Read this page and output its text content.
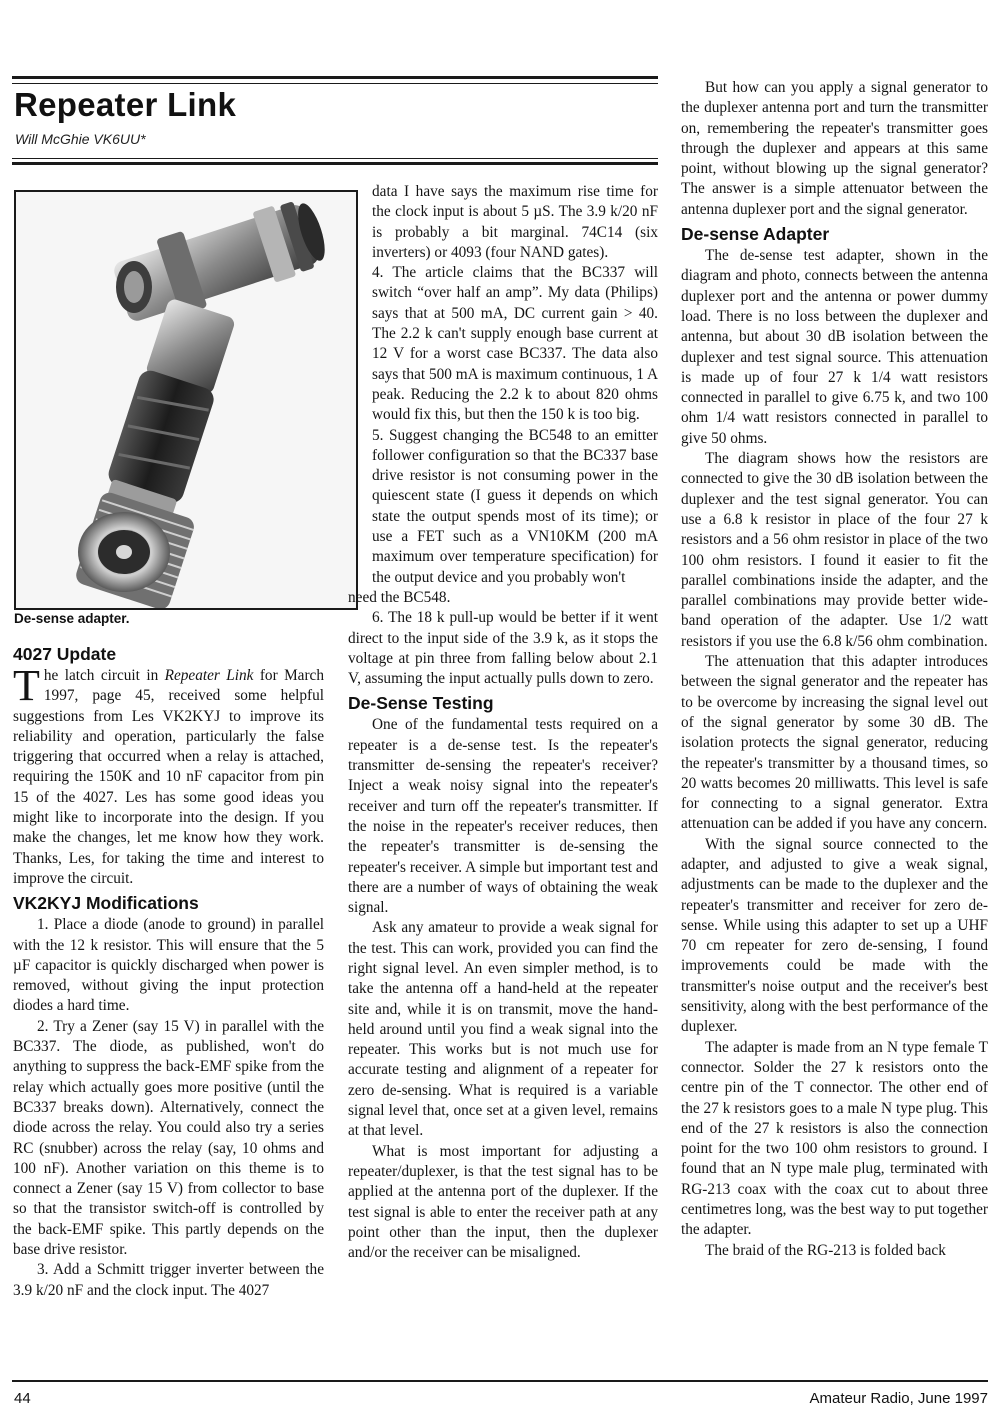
Repeater Link
Will McGhie VK6UU*
De-sense adapter.
4027 Update

The latch circuit in Repeater Link for March 1997, page 45, received some helpful suggestions from Les VK2KYJ to improve its reliability and operation, particularly the false triggering that occurred when a relay is attached, requiring the 150K and 10 nF capacitor from pin 15 of the 4027. Les has some good ideas you might like to incorporate into the design. If you make the changes, let me know how they work. Thanks, Les, for taking the time and interest to improve the circuit.

VK2KYJ Modifications

1. Place a diode (anode to ground) in parallel with the 12 k resistor. This will ensure that the 5 µF capacitor is quickly discharged when power is removed, without giving the input protection diodes a hard time.

2. Try a Zener (say 15 V) in parallel with the BC337. The diode, as published, won't do anything to suppress the back-EMF spike from the relay which actually goes more positive (until the BC337 breaks down). Alternatively, connect the diode across the relay. You could also try a series RC (snubber) across the relay (say, 10 ohms and 100 nF). Another variation on this theme is to connect a Zener (say 15 V) from collector to base so that the transistor switch-off is controlled by the back-EMF spike. This partly depends on the base drive resistor.

3. Add a Schmitt trigger inverter between the 3.9 k/20 nF and the clock input. The 4027

data I have says the maximum rise time for the clock input is about 5 µS. The 3.9 k/20 nF is probably a bit marginal. 74C14 (six inverters) or 4093 (four NAND gates).

4. The article claims that the BC337 will switch “over half an amp”. My data (Philips) says that at 500 mA, DC current gain > 40. The 2.2 k can't supply enough base current at 12 V for a worst case BC337. The data also says that 500 mA is maximum continuous, 1 A peak. Reducing the 2.2 k to about 820 ohms would fix this, but then the 150 k is too big.

5. Suggest changing the BC548 to an emitter follower configuration so that the BC337 base drive resistor is not consuming power in the quiescent state (I guess it depends on which state the output spends most of its time); or use a FET such as a VN10KM (200 mA maximum over temperature specification) for the output device and you probably won't

need the BC548.

6. The 18 k pull-up would be better if it went direct to the input side of the 3.9 k, as it stops the voltage at pin three from falling below about 2.1 V, assuming the input actually pulls down to zero.

De-Sense Testing

One of the fundamental tests required on a repeater is a de-sense test. Is the repeater's transmitter de-sensing the repeater's receiver? Inject a weak noisy signal into the repeater's receiver and turn off the repeater's transmitter. If the noise in the repeater's receiver reduces, then the repeater's transmitter is de-sensing the repeater's receiver. A simple but important test and there are a number of ways of obtaining the weak signal.

Ask any amateur to provide a weak signal for the test. This can work, provided you can find the right signal level. An even simpler method, is to take the antenna off a hand-held at the repeater site and, while it is on transmit, move the hand-held around until you find a weak signal into the repeater. This works but is not much use for accurate testing and alignment of a repeater for zero de-sensing. What is required is a variable signal level that, once set at a given level, remains at that level.

What is most important for adjusting a repeater/duplexer, is that the test signal has to be applied at the antenna port of the duplexer. If the test signal is able to enter the receiver path at any point other than the input, then the duplexer and/or the receiver can be misaligned.

But how can you apply a signal generator to the duplexer antenna port and turn the transmitter on, remembering the repeater's transmitter goes through the duplexer and appears at this same point, without blowing up the signal generator? The answer is a simple attenuator between the antenna duplexer port and the signal generator.

De-sense Adapter

The de-sense test adapter, shown in the diagram and photo, connects between the antenna duplexer port and the antenna or power dummy load. There is no loss between the duplexer and antenna, but about 30 dB isolation between the duplexer and test signal source. This attenuation is made up of four 27 k 1/4 watt resistors connected in parallel to give 6.75 k, and two 100 ohm 1/4 watt resistors connected in parallel to give 50 ohms.

The diagram shows how the resistors are connected to give the 30 dB isolation between the duplexer and the test signal generator. You can use a 6.8 k resistor in place of the four 27 k resistors and a 56 ohm resistor in place of the two 100 ohm resistors. I found it easier to fit the parallel combinations inside the adapter, and the parallel combinations may provide better wide-band operation of the adapter. Use 1/2 watt resistors if you use the 6.8 k/56 ohm combination.

The attenuation that this adapter introduces between the signal generator and the repeater has to be overcome by increasing the signal level out of the signal generator by some 30 dB. The isolation protects the signal generator, reducing the repeater's transmitter by a thousand times, so 20 watts becomes 20 milliwatts. This level is safe for connecting to a signal generator. Extra attenuation can be added if you have any concern.

With the signal source connected to the adapter, and adjusted to give a weak signal, adjustments can be made to the duplexer and the repeater's transmitter and receiver for zero de-sense. While using this adapter to set up a UHF 70 cm repeater for zero de-sensing, I found improvements could be made with the transmitter's noise output and the receiver's best sensitivity, along with the best performance of the duplexer.

The adapter is made from an N type female T connector. Solder the 27 k resistors onto the centre pin of the T connector. The other end of the 27 k resistors goes to a male N type plug. This end of the 27 k resistors is also the connection point for the two 100 ohm resistors to ground. I found that an N type male plug, terminated with RG-213 coax with the coax cut to about three centimetres long, was the best way to put together the adapter.

The braid of the RG-213 is folded back

44	Amateur Radio, June 1997
